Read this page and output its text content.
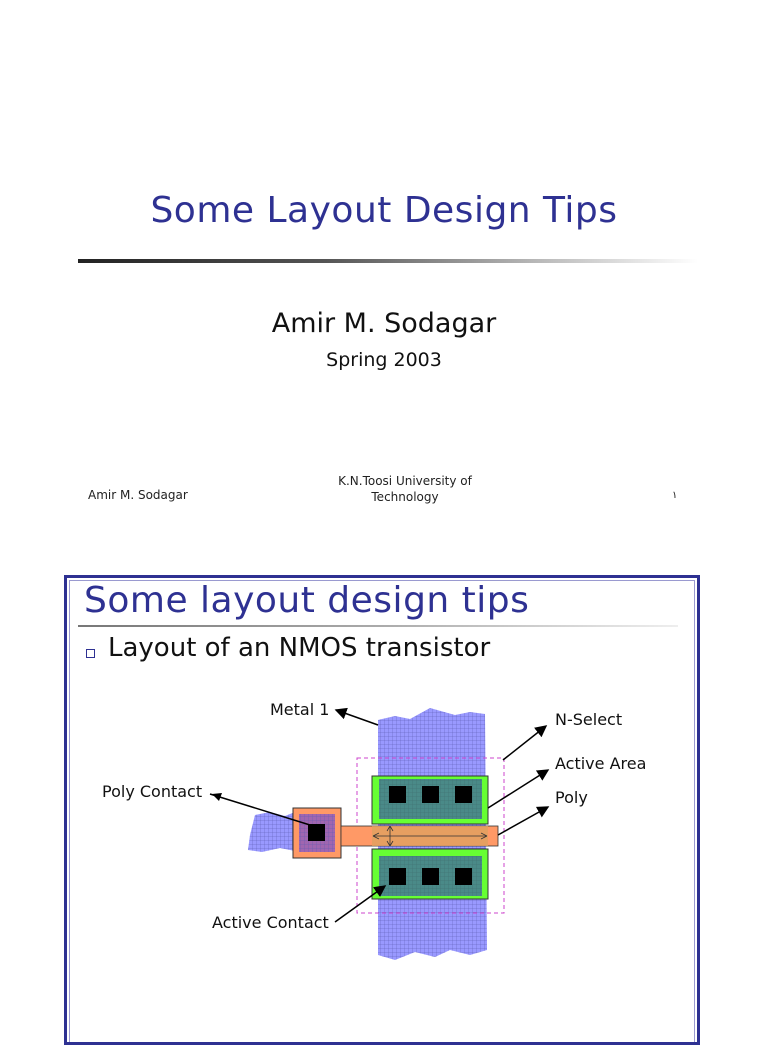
Some Layout Design Tips
Amir M. Sodagar
Spring 2003
Amir M. Sodagar
K.N.Toosi University of
Technology	١
Some layout design tips
Layout of an NMOS transistor
Metal 1
N-Select
Active Area
Poly
Poly Contact
Active Contact
